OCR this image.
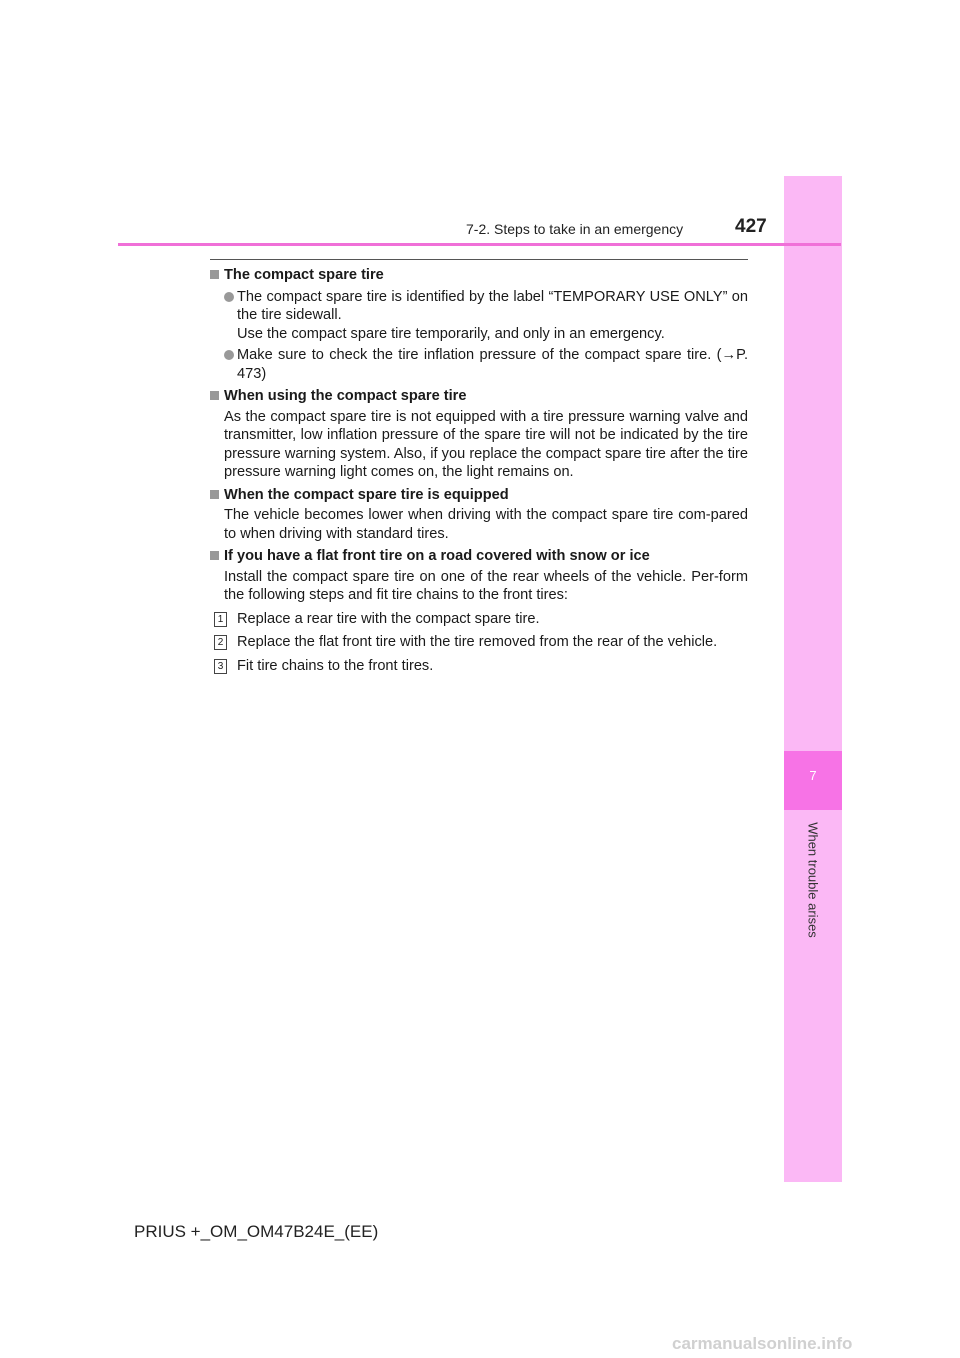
7
When trouble arises
7-2. Steps to take in an emergency	427
The compact spare tire
The compact spare tire is identified by the label “TEMPORARY USE ONLY” on the tire sidewall.
Use the compact spare tire temporarily, and only in an emergency.
Make sure to check the tire inflation pressure of the compact spare tire. (→P. 473)
When using the compact spare tire
As the compact spare tire is not equipped with a tire pressure warning valve and transmitter, low inflation pressure of the spare tire will not be indicated by the tire pressure warning system. Also, if you replace the compact spare tire after the tire pressure warning light comes on, the light remains on.
When the compact spare tire is equipped
The vehicle becomes lower when driving with the compact spare tire com-pared to when driving with standard tires.
If you have a flat front tire on a road covered with snow or ice
Install the compact spare tire on one of the rear wheels of the vehicle. Per-form the following steps and fit tire chains to the front tires:
1 Replace a rear tire with the compact spare tire.
2 Replace the flat front tire with the tire removed from the rear of the vehicle.
3 Fit tire chains to the front tires.
PRIUS +_OM_OM47B24E_(EE)
carmanualsonline.info
